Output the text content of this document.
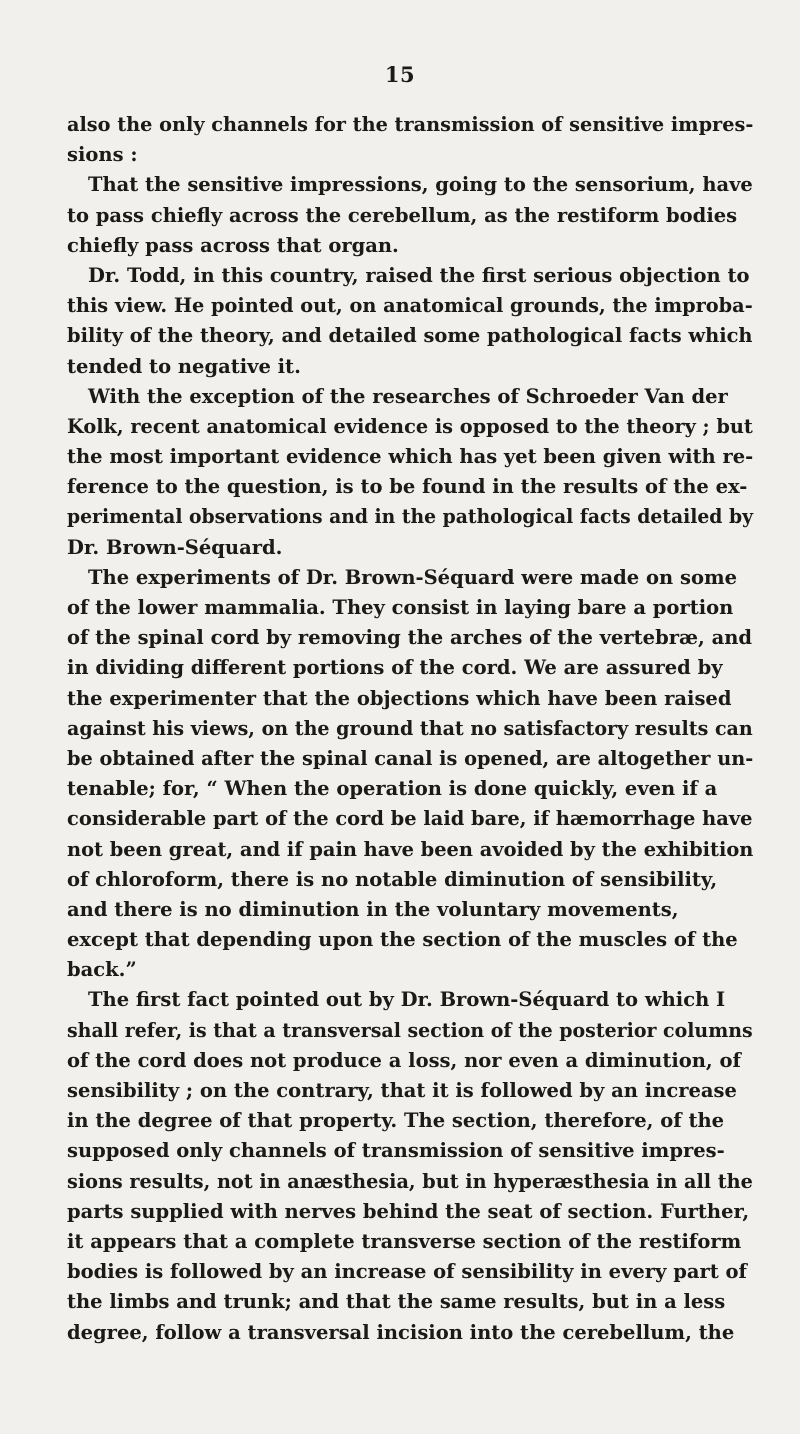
15
also the only channels for the transmission of sensitive impres-
sions :
That the sensitive impressions, going to the sensorium, have
to pass chiefly across the cerebellum, as the restiform bodies
chiefly pass across that organ.
Dr. Todd, in this country, raised the first serious objection to
this view. He pointed out, on anatomical grounds, the improba-
bility of the theory, and detailed some pathological facts which
tended to negative it.
With the exception of the researches of Schroeder Van der
Kolk, recent anatomical evidence is opposed to the theory ; but
the most important evidence which has yet been given with re-
ference to the question, is to be found in the results of the ex-
perimental observations and in the pathological facts detailed by
Dr. Brown-Séquard.
The experiments of Dr. Brown-Séquard were made on some
of the lower mammalia. They consist in laying bare a portion
of the spinal cord by removing the arches of the vertebræ, and
in dividing different portions of the cord. We are assured by
the experimenter that the objections which have been raised
against his views, on the ground that no satisfactory results can
be obtained after the spinal canal is opened, are altogether un-
tenable; for, “ When the operation is done quickly, even if a
considerable part of the cord be laid bare, if hæmorrhage have
not been great, and if pain have been avoided by the exhibition
of chloroform, there is no notable diminution of sensibility,
and there is no diminution in the voluntary movements,
except that depending upon the section of the muscles of the
back.”
The first fact pointed out by Dr. Brown-Séquard to which I
shall refer, is that a transversal section of the posterior columns
of the cord does not produce a loss, nor even a diminution, of
sensibility ; on the contrary, that it is followed by an increase
in the degree of that property. The section, therefore, of the
supposed only channels of transmission of sensitive impres-
sions results, not in anæsthesia, but in hyperæsthesia in all the
parts supplied with nerves behind the seat of section. Further,
it appears that a complete transverse section of the restiform
bodies is followed by an increase of sensibility in every part of
the limbs and trunk; and that the same results, but in a less
degree, follow a transversal incision into the cerebellum, the
